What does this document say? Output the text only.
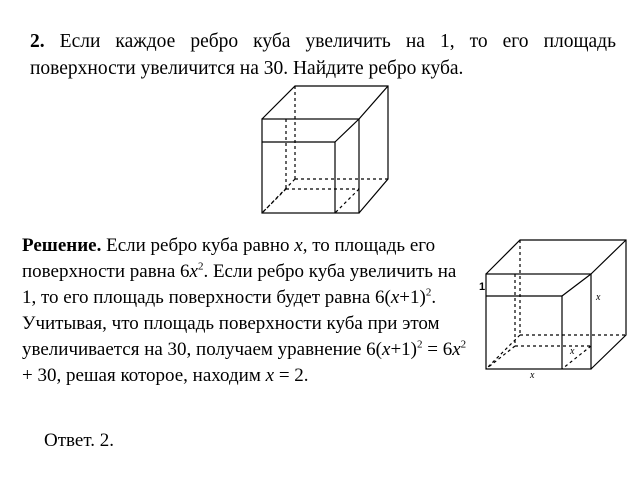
2. Если каждое ребро куба увеличить на 1, то его площадь поверхности увеличится на 30. Найдите ребро куба.

Решение. Если ребро куба равно x, то площадь его поверхности равна $6x^2$. Если ребро куба увеличить на 1, то его площадь поверхности будет равна $6(x+1)^2$. Учитывая, что площадь поверхности куба при этом увеличивается на 30, получаем уравнение $6(x+1)^2 = 6x^2 + 30$, решая которое, находим x = 2.

1
x
x
x

Ответ. 2.
